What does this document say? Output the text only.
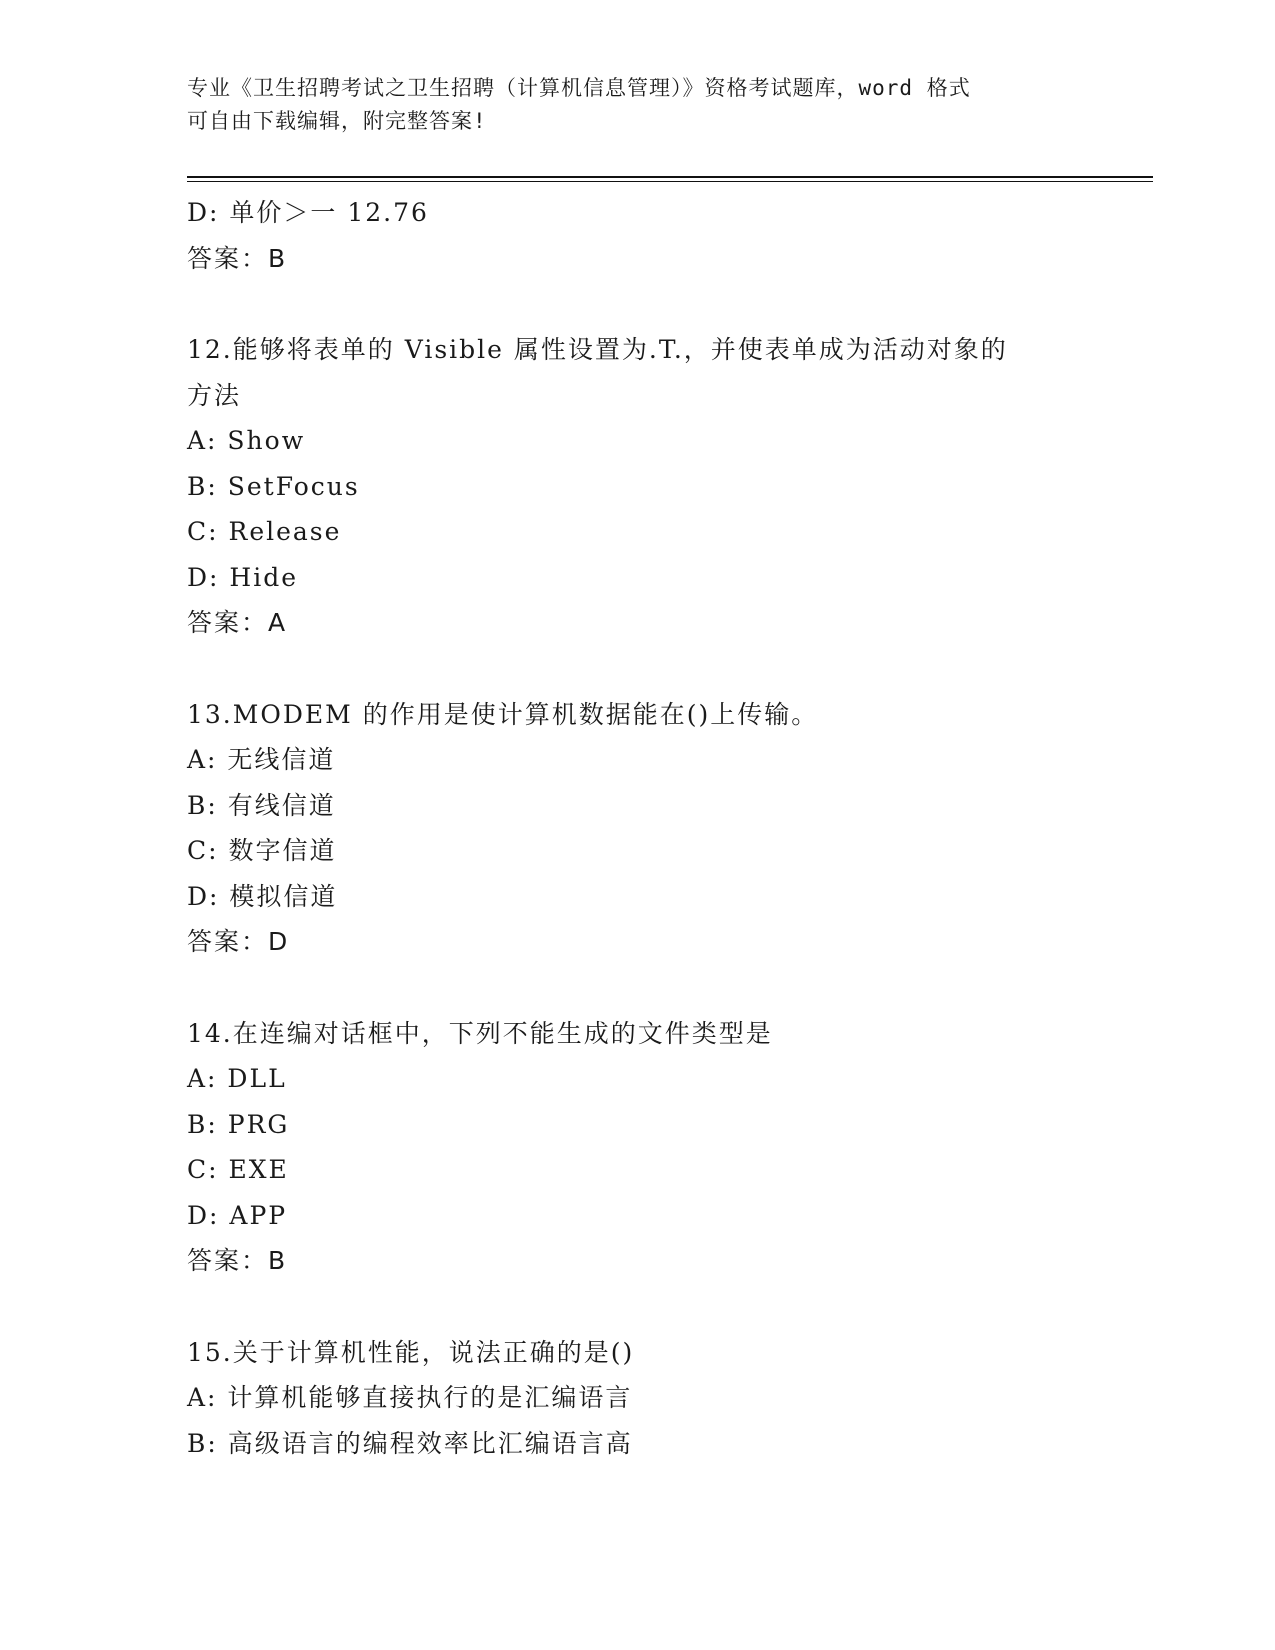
专业《卫生招聘考试之卫生招聘（计算机信息管理）》资格考试题库，word 格式
可自由下载编辑，附完整答案!
D: 单价＞一 12.76
答案：B
12.能够将表单的 Visible 属性设置为.T.，并使表单成为活动对象的
方法
A: Show
B: SetFocus
C: Release
D: Hide
答案：A
13.MODEM 的作用是使计算机数据能在()上传输。
A: 无线信道
B: 有线信道
C: 数字信道
D: 模拟信道
答案：D
14.在连编对话框中，下列不能生成的文件类型是
A: DLL
B: PRG
C: EXE
D: APP
答案：B
15.关于计算机性能，说法正确的是()
A: 计算机能够直接执行的是汇编语言
B: 高级语言的编程效率比汇编语言高
